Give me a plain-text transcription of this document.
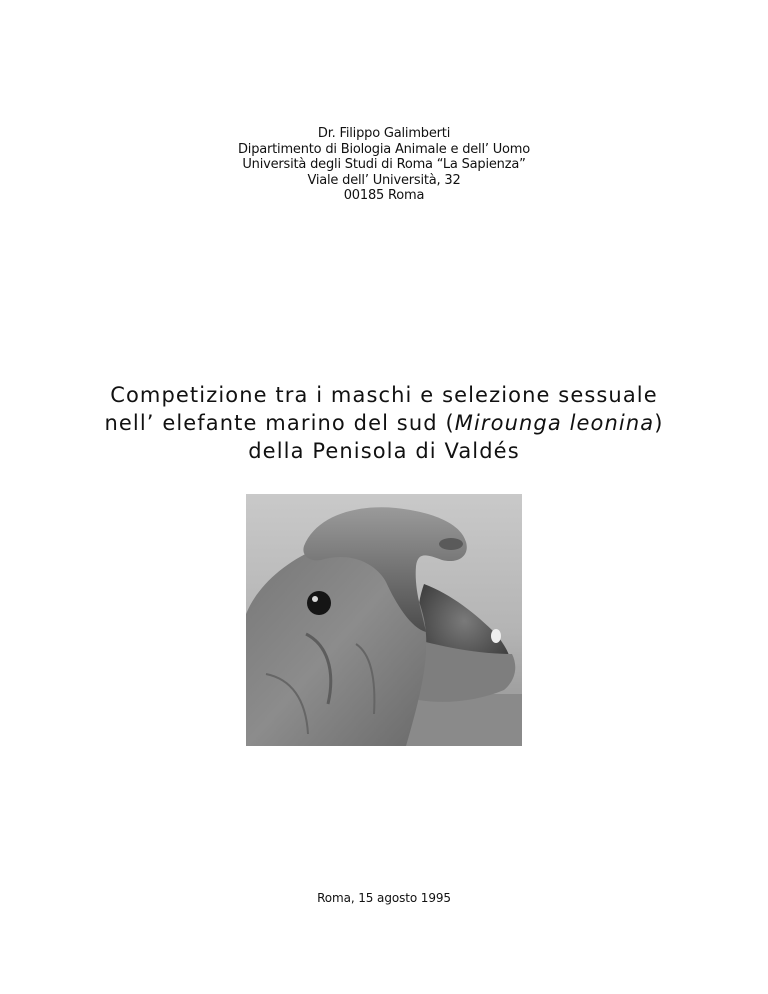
Dr. Filippo Galimberti
Dipartimento di Biologia Animale e dell’ Uomo
Università degli Studi di Roma “La Sapienza”
Viale dell’ Università, 32
00185 Roma
Competizione tra i maschi e selezione sessuale
nell’ elefante marino del sud (Mirounga leonina)
della Penisola di Valdés
Roma, 15 agosto 1995
